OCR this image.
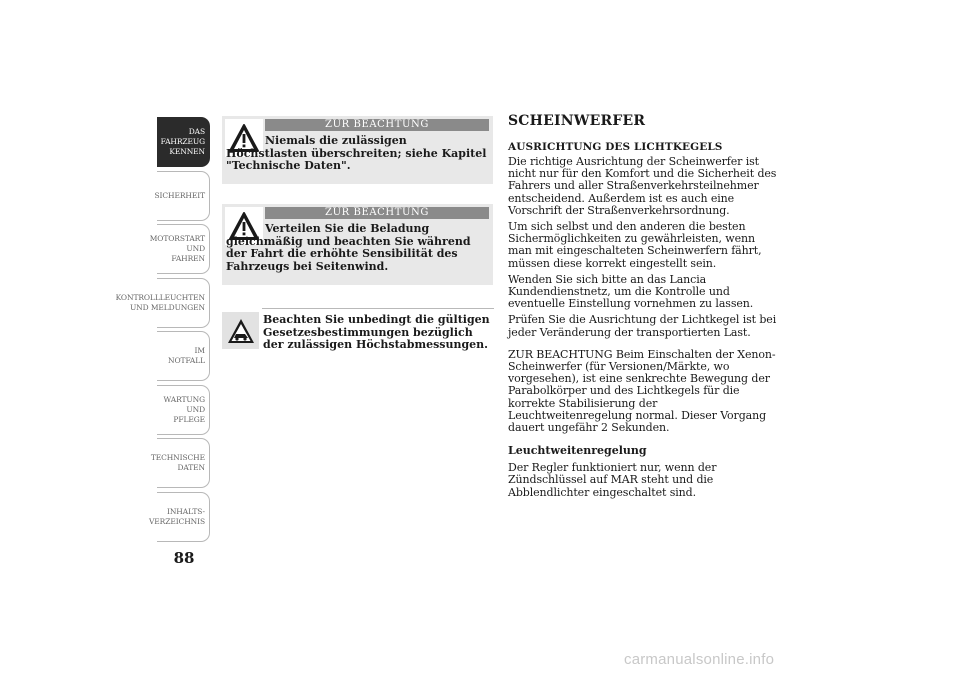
DAS FAHRZEUG
KENNEN
SICHERHEIT
MOTORSTART UND
FAHREN
KONTROLLLEUCHTEN
UND MELDUNGEN
IM NOTFALL
WARTUNG UND
PFLEGE
TECHNISCHE
DATEN
INHALTS-
VERZEICHNIS
88
ZUR BEACHTUNG
Niemals die zulässigen Höchstlasten überschreiten; siehe Kapitel "Technische Daten".
ZUR BEACHTUNG
Verteilen Sie die Beladung gleichmäßig und beachten Sie während der Fahrt die erhöhte Sensibilität des Fahrzeugs bei Seitenwind.
Beachten Sie unbedingt die gültigen Gesetzesbestimmungen bezüglich der zulässigen Höchstabmessungen.
SCHEINWERFER
AUSRICHTUNG DES LICHTKEGELS
Die richtige Ausrichtung der Scheinwerfer ist nicht nur für den Komfort und die Sicherheit des Fahrers und aller Straßenverkehrsteilnehmer entscheidend. Außerdem ist es auch eine Vorschrift der Straßenverkehrsordnung.
Um sich selbst und den anderen die besten Sichermöglichkeiten zu gewährleisten, wenn man mit eingeschalteten Scheinwerfern fährt, müssen diese korrekt eingestellt sein.
Wenden Sie sich bitte an das Lancia Kundendienstnetz, um die Kontrolle und eventuelle Einstellung vornehmen zu lassen.
Prüfen Sie die Ausrichtung der Lichtkegel ist bei jeder Veränderung der transportierten Last.
ZUR BEACHTUNG Beim Einschalten der Xenon-Scheinwerfer (für Versionen/Märkte, wo vorgesehen), ist eine senkrechte Bewegung der Parabolkörper und des Lichtkegels für die korrekte Stabilisierung der Leuchtweitenregelung normal. Dieser Vorgang dauert ungefähr 2 Sekunden.
Leuchtweitenregelung
Der Regler funktioniert nur, wenn der Zündschlüssel auf MAR steht und die Abblendlichter eingeschaltet sind.
carmanualsonline.info
